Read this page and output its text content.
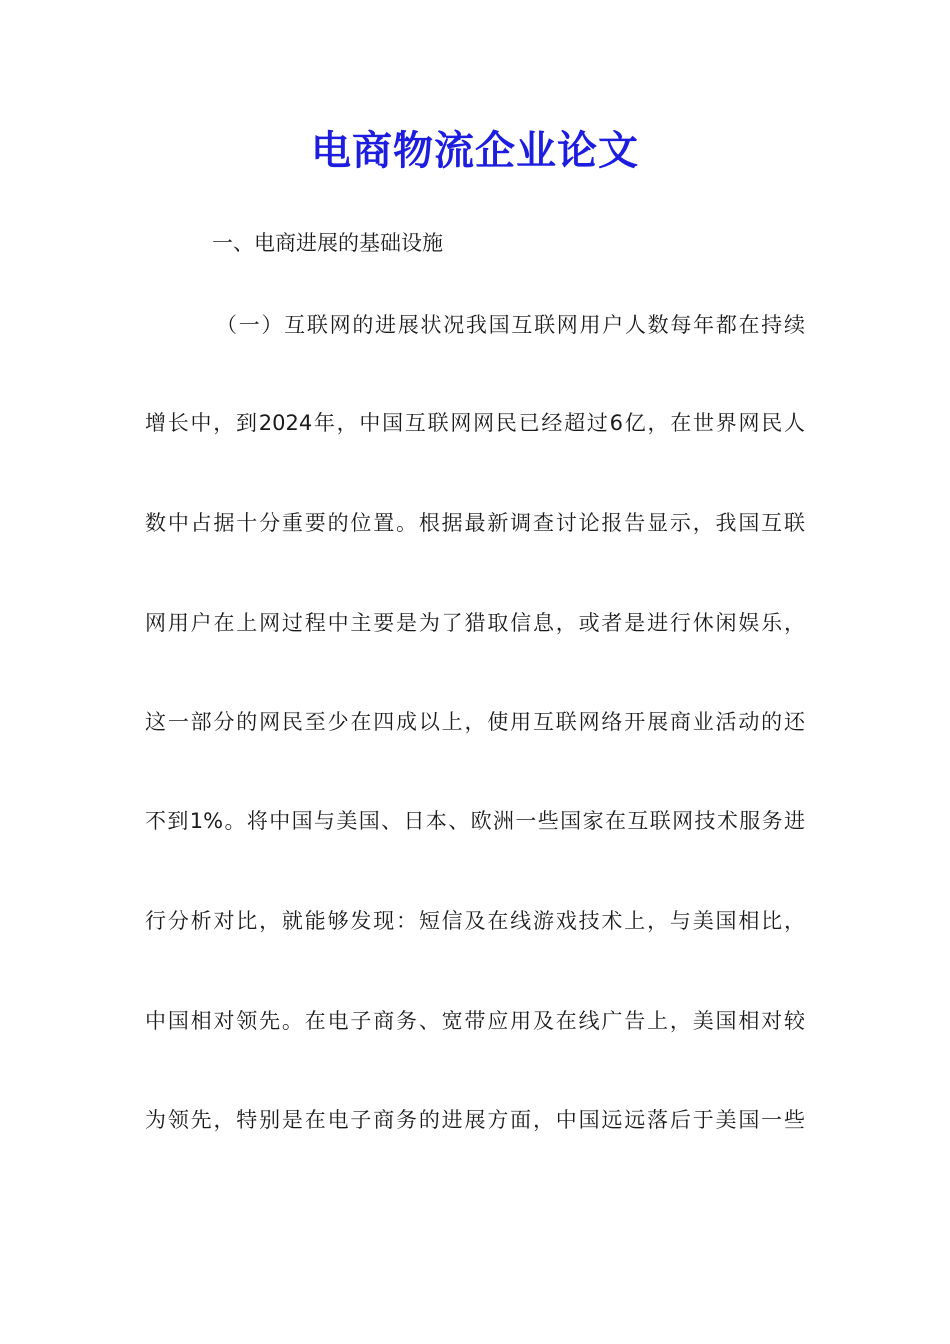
电商物流企业论文
一、电商进展的基础设施
（一）互联网的进展状况我国互联网用户人数每年都在持续
增长中，到2024年，中国互联网网民已经超过6亿，在世界网民人
数中占据十分重要的位置。根据最新调查讨论报告显示，我国互联
网用户在上网过程中主要是为了猎取信息，或者是进行休闲娱乐，
这一部分的网民至少在四成以上，使用互联网络开展商业活动的还
不到1%。将中国与美国、日本、欧洲一些国家在互联网技术服务进
行分析对比，就能够发现：短信及在线游戏技术上，与美国相比，
中国相对领先。在电子商务、宽带应用及在线广告上，美国相对较
为领先，特别是在电子商务的进展方面，中国远远落后于美国一些
